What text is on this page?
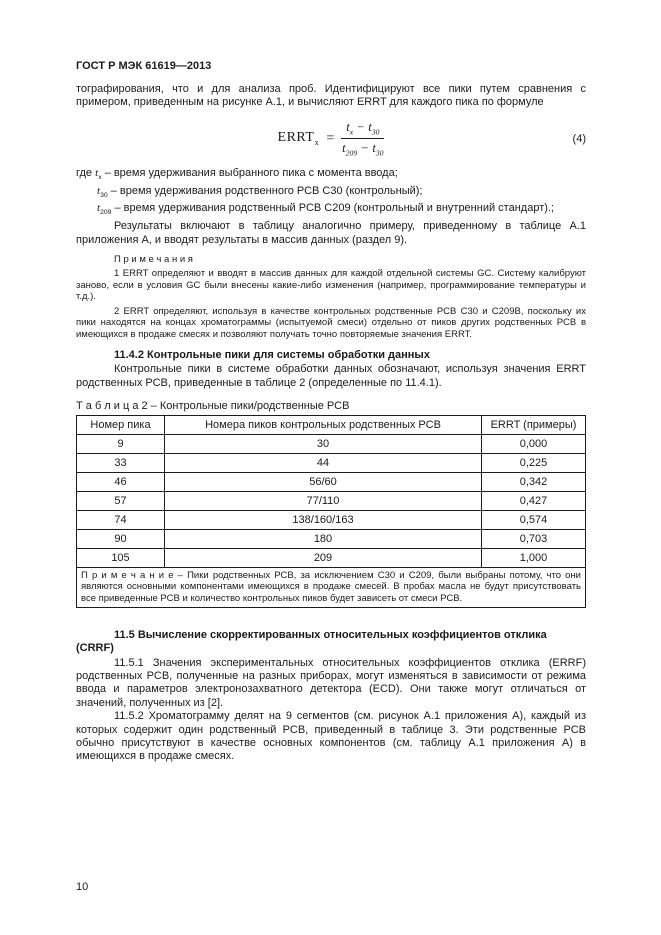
ГОСТ Р МЭК 61619—2013

тографирования, что и для анализа проб. Идентифицируют все пики путем сравнения с примером, приведенным на рисунке А.1, и вычисляют ERRT для каждого пика по формуле

$ERRT_x = \frac{t_x - t_{30}}{t_{209} - t_{30}}$	(4)

где $t_x$ – время удерживания выбранного пика с момента ввода;

$t_{30}$ – время удерживания родственного РСВ С30 (контрольный);

$t_{209}$ – время удерживания родственный РСВ С209 (контрольный и внутренний стандарт).;

Результаты включают в таблицу аналогично примеру, приведенному в таблице А.1 приложения А, и вводят результаты в массив данных (раздел 9).

П р и м е ч а н и я

1 ERRT определяют и вводят в массив данных для каждой отдельной системы GC. Систему калибруют заново, если в условия GC были внесены какие-либо изменения (например, программирование температуры и т.д.).

2 ERRT определяют, используя в качестве контрольных родственные РСВ С30 и С209В, поскольку их пики находятся на концах хроматограммы (испытуемой смеси) отдельно от пиков других родственных РСВ в имеющихся в продаже смесях и позволяют получать точно повторяемые значения ERRT.

11.4.2 Контрольные пики для системы обработки данных

Контрольные пики в системе обработки данных обозначают, используя значения ERRT родственных РСВ, приведенные в таблице 2 (определенные по 11.4.1).

Т а б л и ц а 2 – Контрольные пики/родственные РСВ
Номер пика	Номера пиков контрольных родственных РСВ	ERRT (примеры)
9	30	0,000
33	44	0,225
46	56/60	0,342
57	77/110	0,427
74	138/160/163	0,574
90	180	0,703
105	209	1,000
П р и м е ч а н и е – Пики родственных РСВ, за исключением С30 и С209, были выбраны потому, что они являются основными компонентами имеющихся в продаже смесей. В пробах масла не будут присутствовать все приведенные РСВ и количество контрольных пиков будет зависеть от смеси РСВ.		
11.5 Вычисление скорректированных относительных коэффициентов отклика (CRRF)

11.5.1 Значения экспериментальных относительных коэффициентов отклика (ERRF) родственных РСВ, полученные на разных приборах, могут изменяться в зависимости от режима ввода и параметров электронозахватного детектора (ECD). Они также могут отличаться от значений, полученных из [2].

11.5.2 Хроматограмму делят на 9 сегментов (см. рисунок А.1 приложения А), каждый из которых содержит один родственный РСВ, приведенный в таблице 3. Эти родственные РСВ обычно присутствуют в качестве основных компонентов (см. таблицу А.1 приложения А) в имеющихся в продаже смесях.

10
